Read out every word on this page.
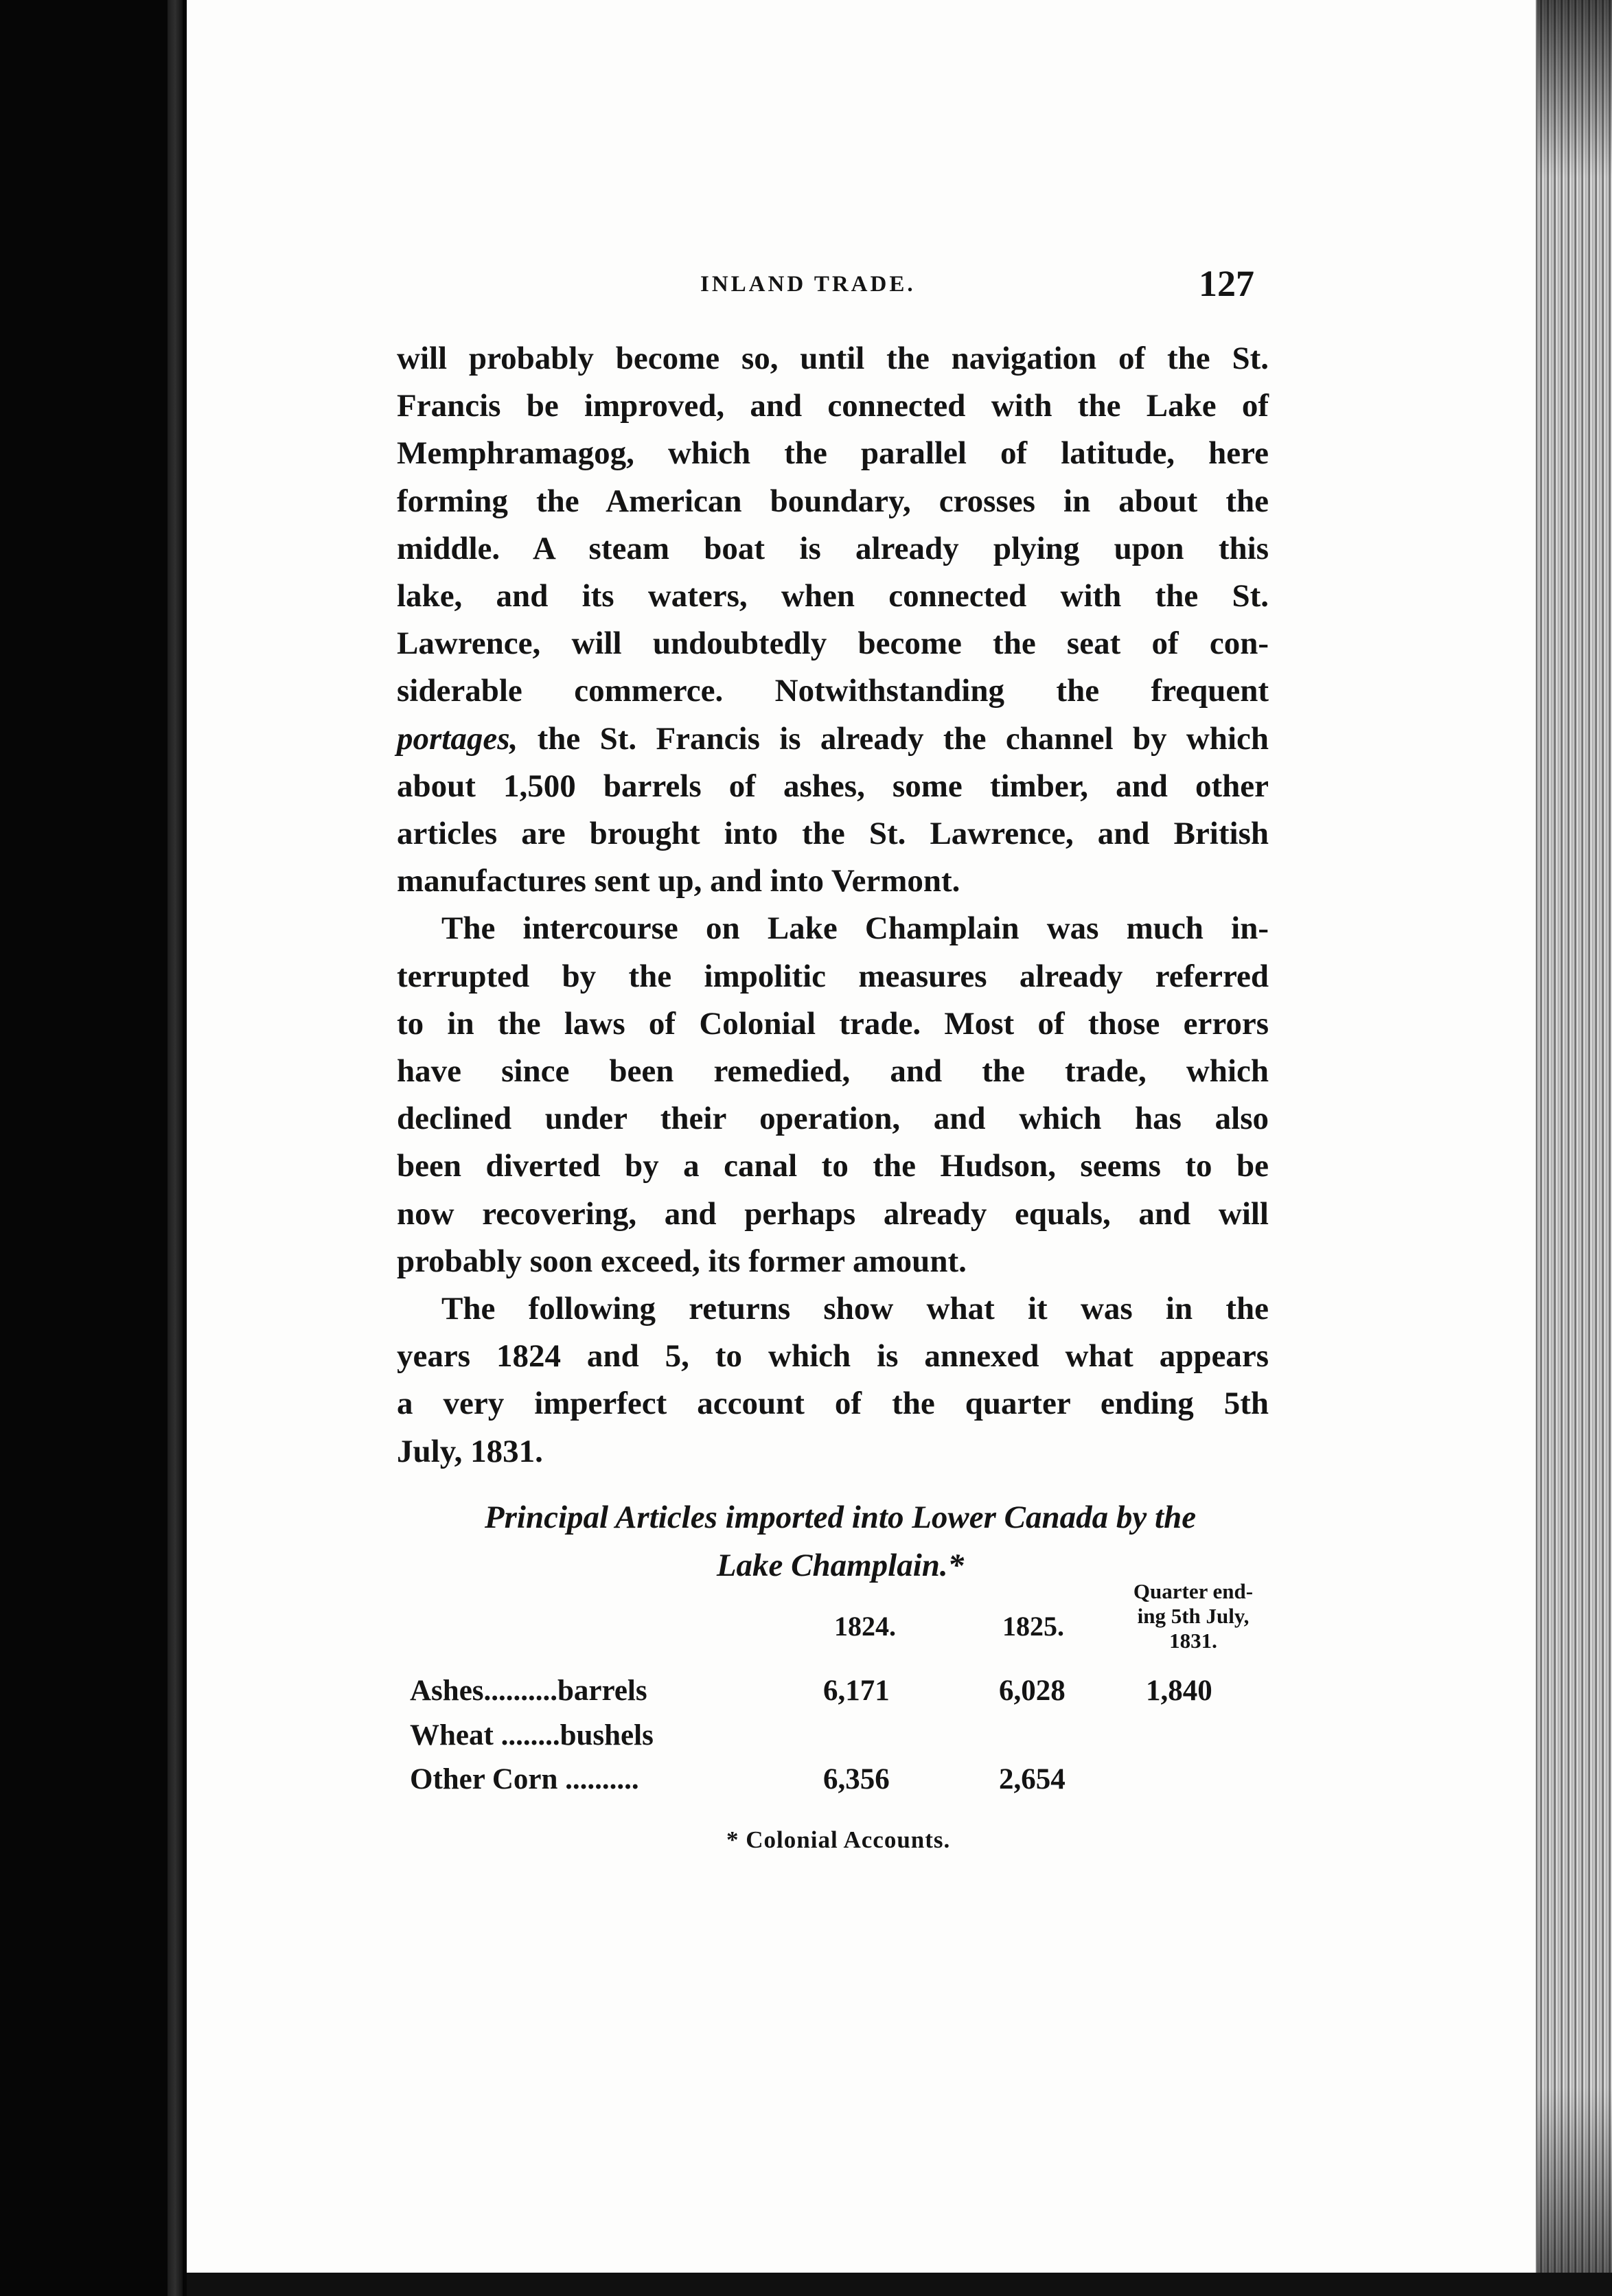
INLAND TRADE.	127
will probably become so, until the navigation of the St.
Francis be improved, and connected with the Lake of
Memphramagog, which the parallel of latitude, here
forming the American boundary, crosses in about the
middle. A steam boat is already plying upon this
lake, and its waters, when connected with the St.
Lawrence, will undoubtedly become the seat of con-
siderable commerce. Notwithstanding the frequent
portages, the St. Francis is already the channel by which
about 1,500 barrels of ashes, some timber, and other
articles are brought into the St. Lawrence, and British
manufactures sent up, and into Vermont.
The intercourse on Lake Champlain was much in-
terrupted by the impolitic measures already referred
to in the laws of Colonial trade. Most of those errors
have since been remedied, and the trade, which
declined under their operation, and which has also
been diverted by a canal to the Hudson, seems to be
now recovering, and perhaps already equals, and will
probably soon exceed, its former amount.
The following returns show what it was in the
years 1824 and 5, to which is annexed what appears
a very imperfect account of the quarter ending 5th
July, 1831.
Principal Articles imported into Lower Canada by the
Lake Champlain.*
1824.	1825.
Quarter end-
ing 5th July,
1831.
Ashes..........barrels	6,171	6,028	1,840
Wheat ........bushels
Other Corn ..........	6,356	2,654
* Colonial Accounts.
